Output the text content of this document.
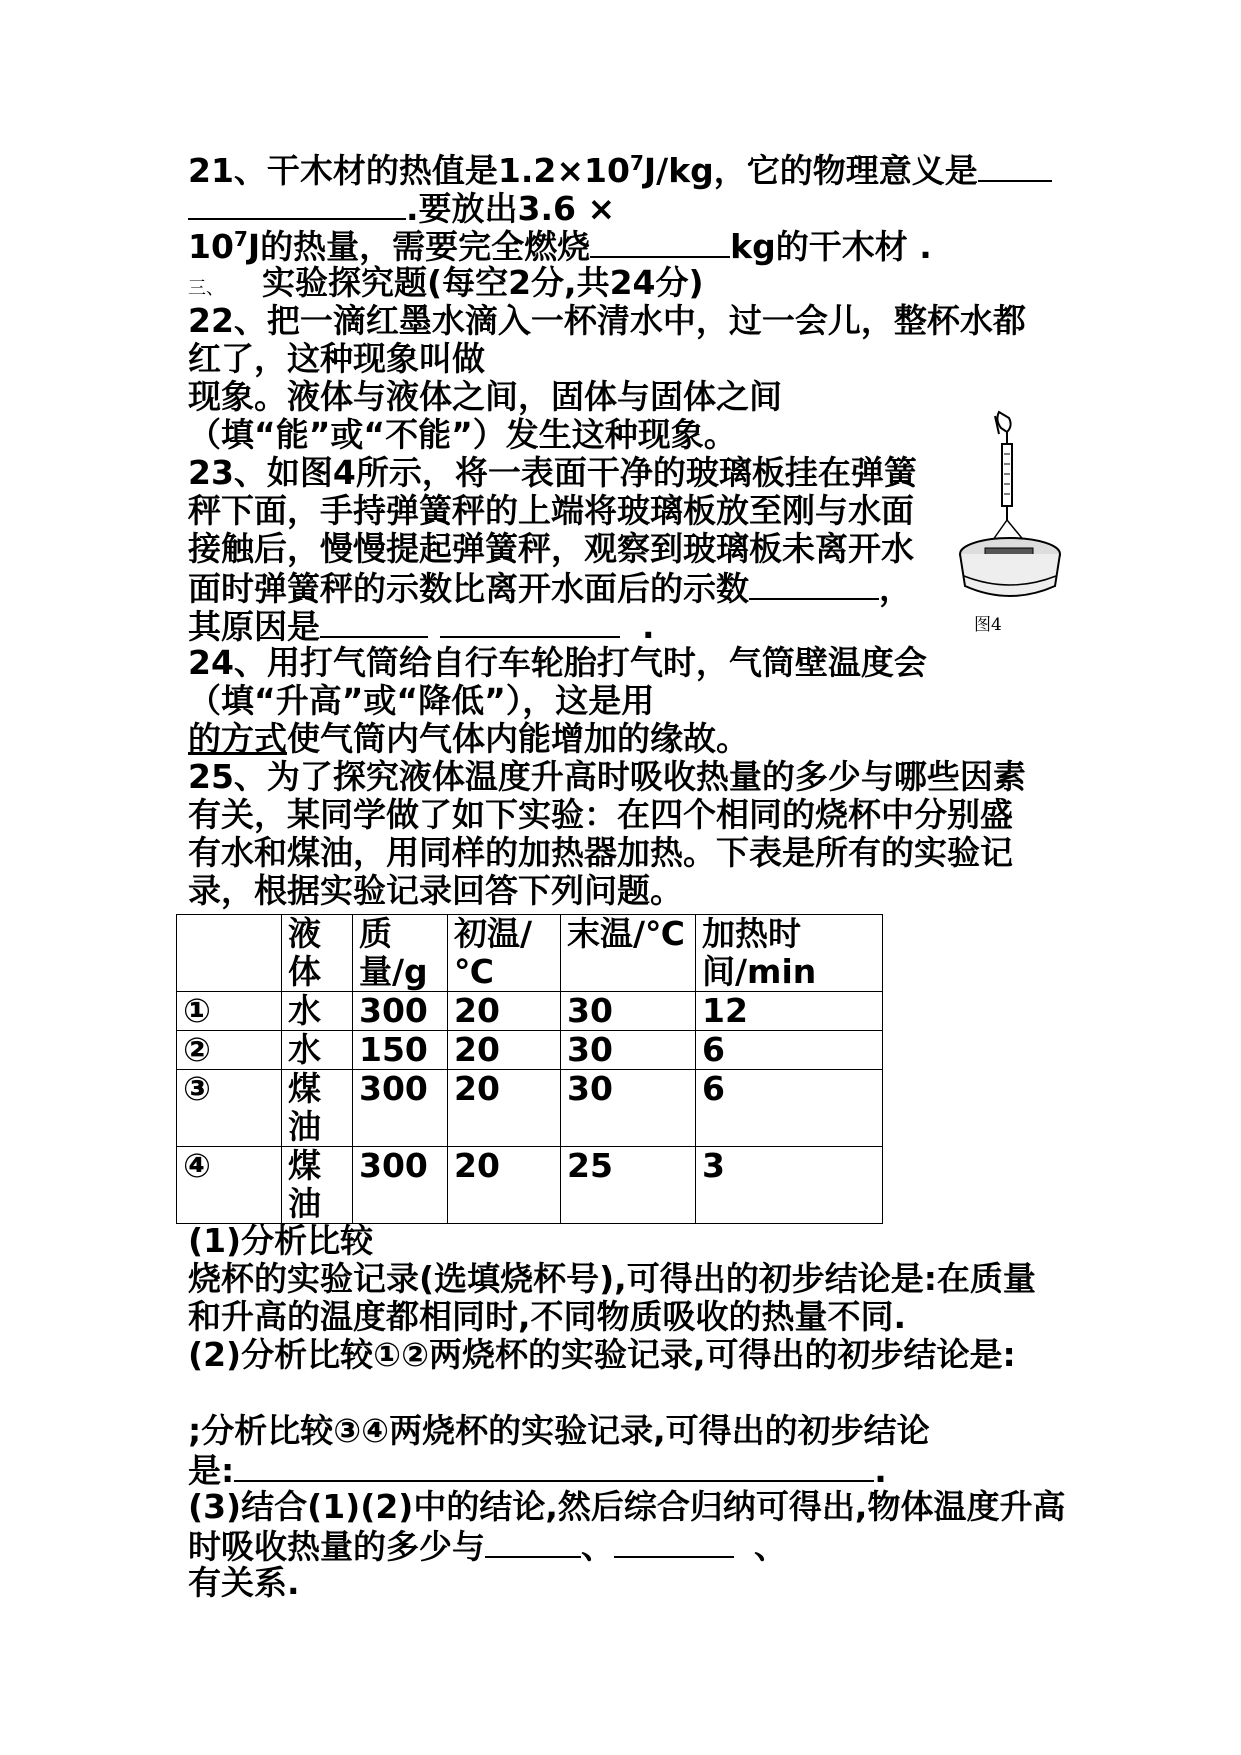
21、干木材的热值是$1.2\times 10^7J/kg$，它的物理意义是
.要放出3.6 ×
$10^7J$的热量，需要完全燃烧	kg的干木材 .
三、 实验探究题(每空2分,共24分)
22、把一滴红墨水滴入一杯清水中，过一会儿，整杯水都
红了，这种现象叫做
现象。液体与液体之间，固体与固体之间
（填“能”或“不能”）发生这种现象。
23、如图4所示，将一表面干净的玻璃板挂在弹簧
秤下面，手持弹簧秤的上端将玻璃板放至刚与水面
接触后，慢慢提起弹簧秤，观察到玻璃板未离开水
面时弹簧秤的示数比离开水面后的示数	，
其原因是	.	图4
24、用打气筒给自行车轮胎打气时，气筒壁温度会
（填“升高”或“降低”），这是用
的方式使气筒内气体内能增加的缘故。
25、为了探究液体温度升高时吸收热量的多少与哪些因素
有关，某同学做了如下实验：在四个相同的烧杯中分别盛
有水和煤油，用同样的加热器加热。下表是所有的实验记
录，根据实验记录回答下列问题。
	液体	质量/g	初温/℃	末温/℃	加热时间/min
①	水	300	20	30	12
②	水	150	20	30	6
③	煤油	300	20	30	6
④	煤油	300	20	25	3
(1)分析比较
烧杯的实验记录(选填烧杯号),可得出的初步结论是:在质量
和升高的温度都相同时,不同物质吸收的热量不同.
(2)分析比较①②两烧杯的实验记录,可得出的初步结论是:
;分析比较③④两烧杯的实验记录,可得出的初步结论
是:	.
(3)结合(1)(2)中的结论,然后综合归纳可得出,物体温度升高
时吸收热量的多少与	、	、
有关系.
